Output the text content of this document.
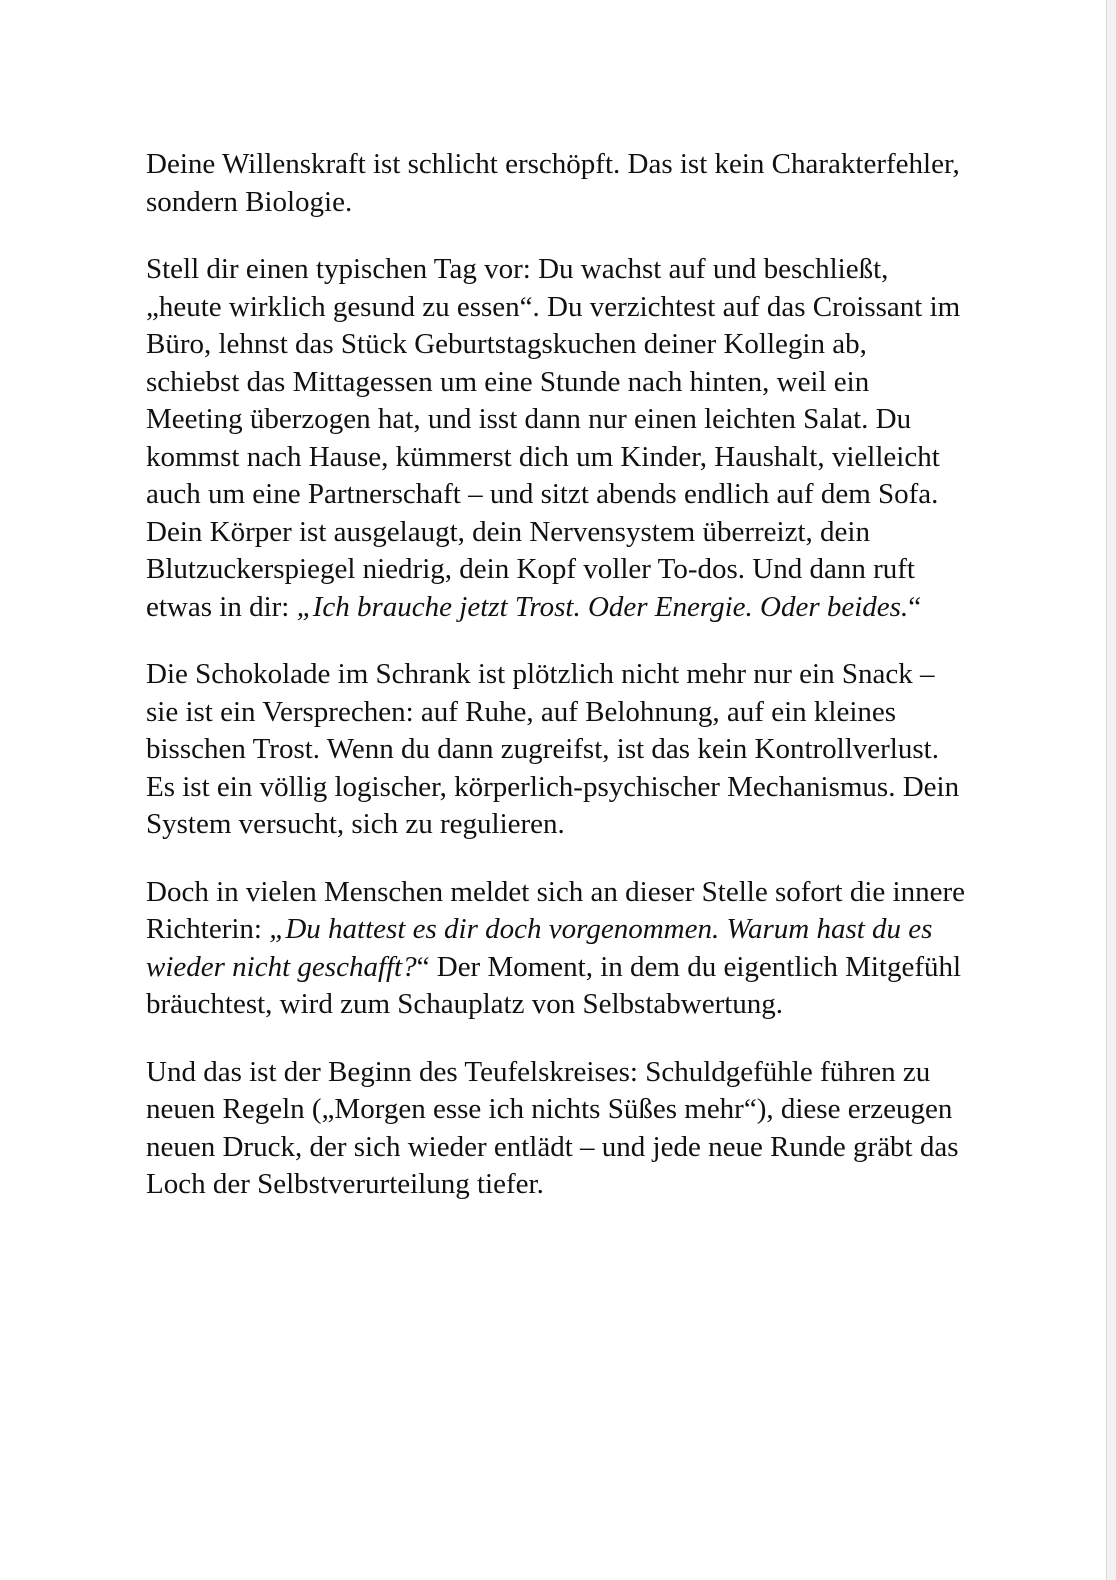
Deine Willenskraft ist schlicht erschöpft. Das ist kein Charakterfehler, sondern Biologie.

Stell dir einen typischen Tag vor: Du wachst auf und beschließt, „heute wirklich gesund zu essen“. Du verzichtest auf das Croissant im Büro, lehnst das Stück Geburtstagskuchen deiner Kollegin ab, schiebst das Mittagessen um eine Stunde nach hinten, weil ein Meeting überzogen hat, und isst dann nur einen leichten Salat. Du kommst nach Hause, kümmerst dich um Kinder, Haushalt, vielleicht auch um eine Partnerschaft – und sitzt abends endlich auf dem Sofa. Dein Körper ist ausgelaugt, dein Nervensystem überreizt, dein Blutzuckerspiegel niedrig, dein Kopf voller To-dos. Und dann ruft etwas in dir: „Ich brauche jetzt Trost. Oder Energie. Oder beides.“

Die Schokolade im Schrank ist plötzlich nicht mehr nur ein Snack – sie ist ein Versprechen: auf Ruhe, auf Belohnung, auf ein kleines bisschen Trost. Wenn du dann zugreifst, ist das kein Kontrollverlust. Es ist ein völlig logischer, körperlich-psychischer Mechanismus. Dein System versucht, sich zu regulieren.

Doch in vielen Menschen meldet sich an dieser Stelle sofort die innere Richterin: „Du hattest es dir doch vorgenommen. Warum hast du es wieder nicht geschafft?“ Der Moment, in dem du eigentlich Mitgefühl bräuchtest, wird zum Schauplatz von Selbstabwertung.

Und das ist der Beginn des Teufelskreises: Schuldgefühle führen zu neuen Regeln („Morgen esse ich nichts Süßes mehr“), diese erzeugen neuen Druck, der sich wieder entlädt – und jede neue Runde gräbt das Loch der Selbstverurteilung tiefer.
